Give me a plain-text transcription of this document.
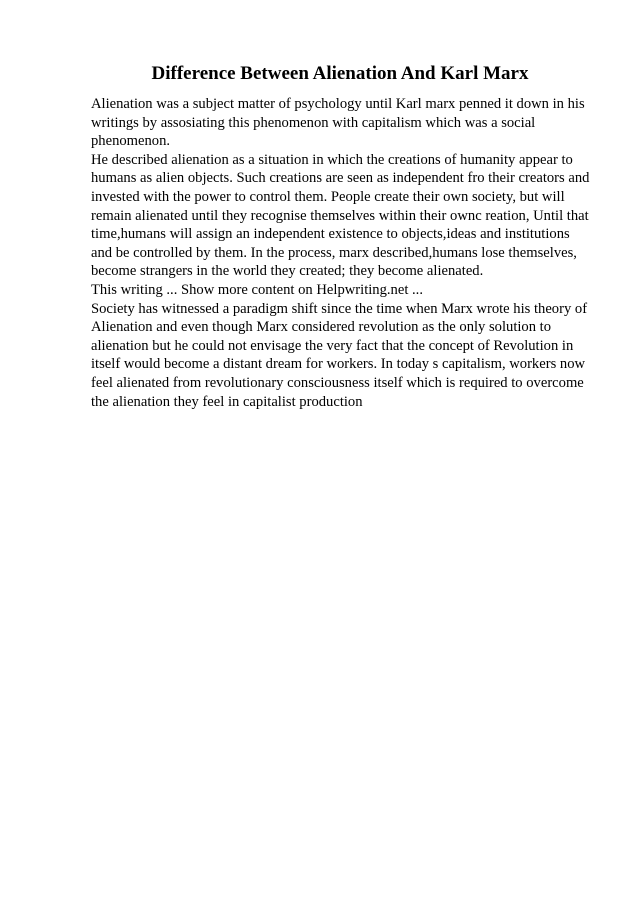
Difference Between Alienation And Karl Marx
Alienation was a subject matter of psychology until Karl marx penned it down in his
writings by assosiating this phenomenon with capitalism which was a social
phenomenon.
He described alienation as a situation in which the creations of humanity appear to
humans as alien objects. Such creations are seen as independent fro their creators and
invested with the power to control them. People create their own society, but will
remain alienated until they recognise themselves within their ownc reation, Until that
time,humans will assign an independent existence to objects,ideas and institutions
and be controlled by them. In the process, marx described,humans lose themselves,
become strangers in the world they created; they become alienated.
This writing ... Show more content on Helpwriting.net ...
Society has witnessed a paradigm shift since the time when Marx wrote his theory of
Alienation and even though Marx considered revolution as the only solution to
alienation but he could not envisage the very fact that the concept of Revolution in
itself would become a distant dream for workers. In today s capitalism, workers now
feel alienated from revolutionary consciousness itself which is required to overcome
the alienation they feel in capitalist production
